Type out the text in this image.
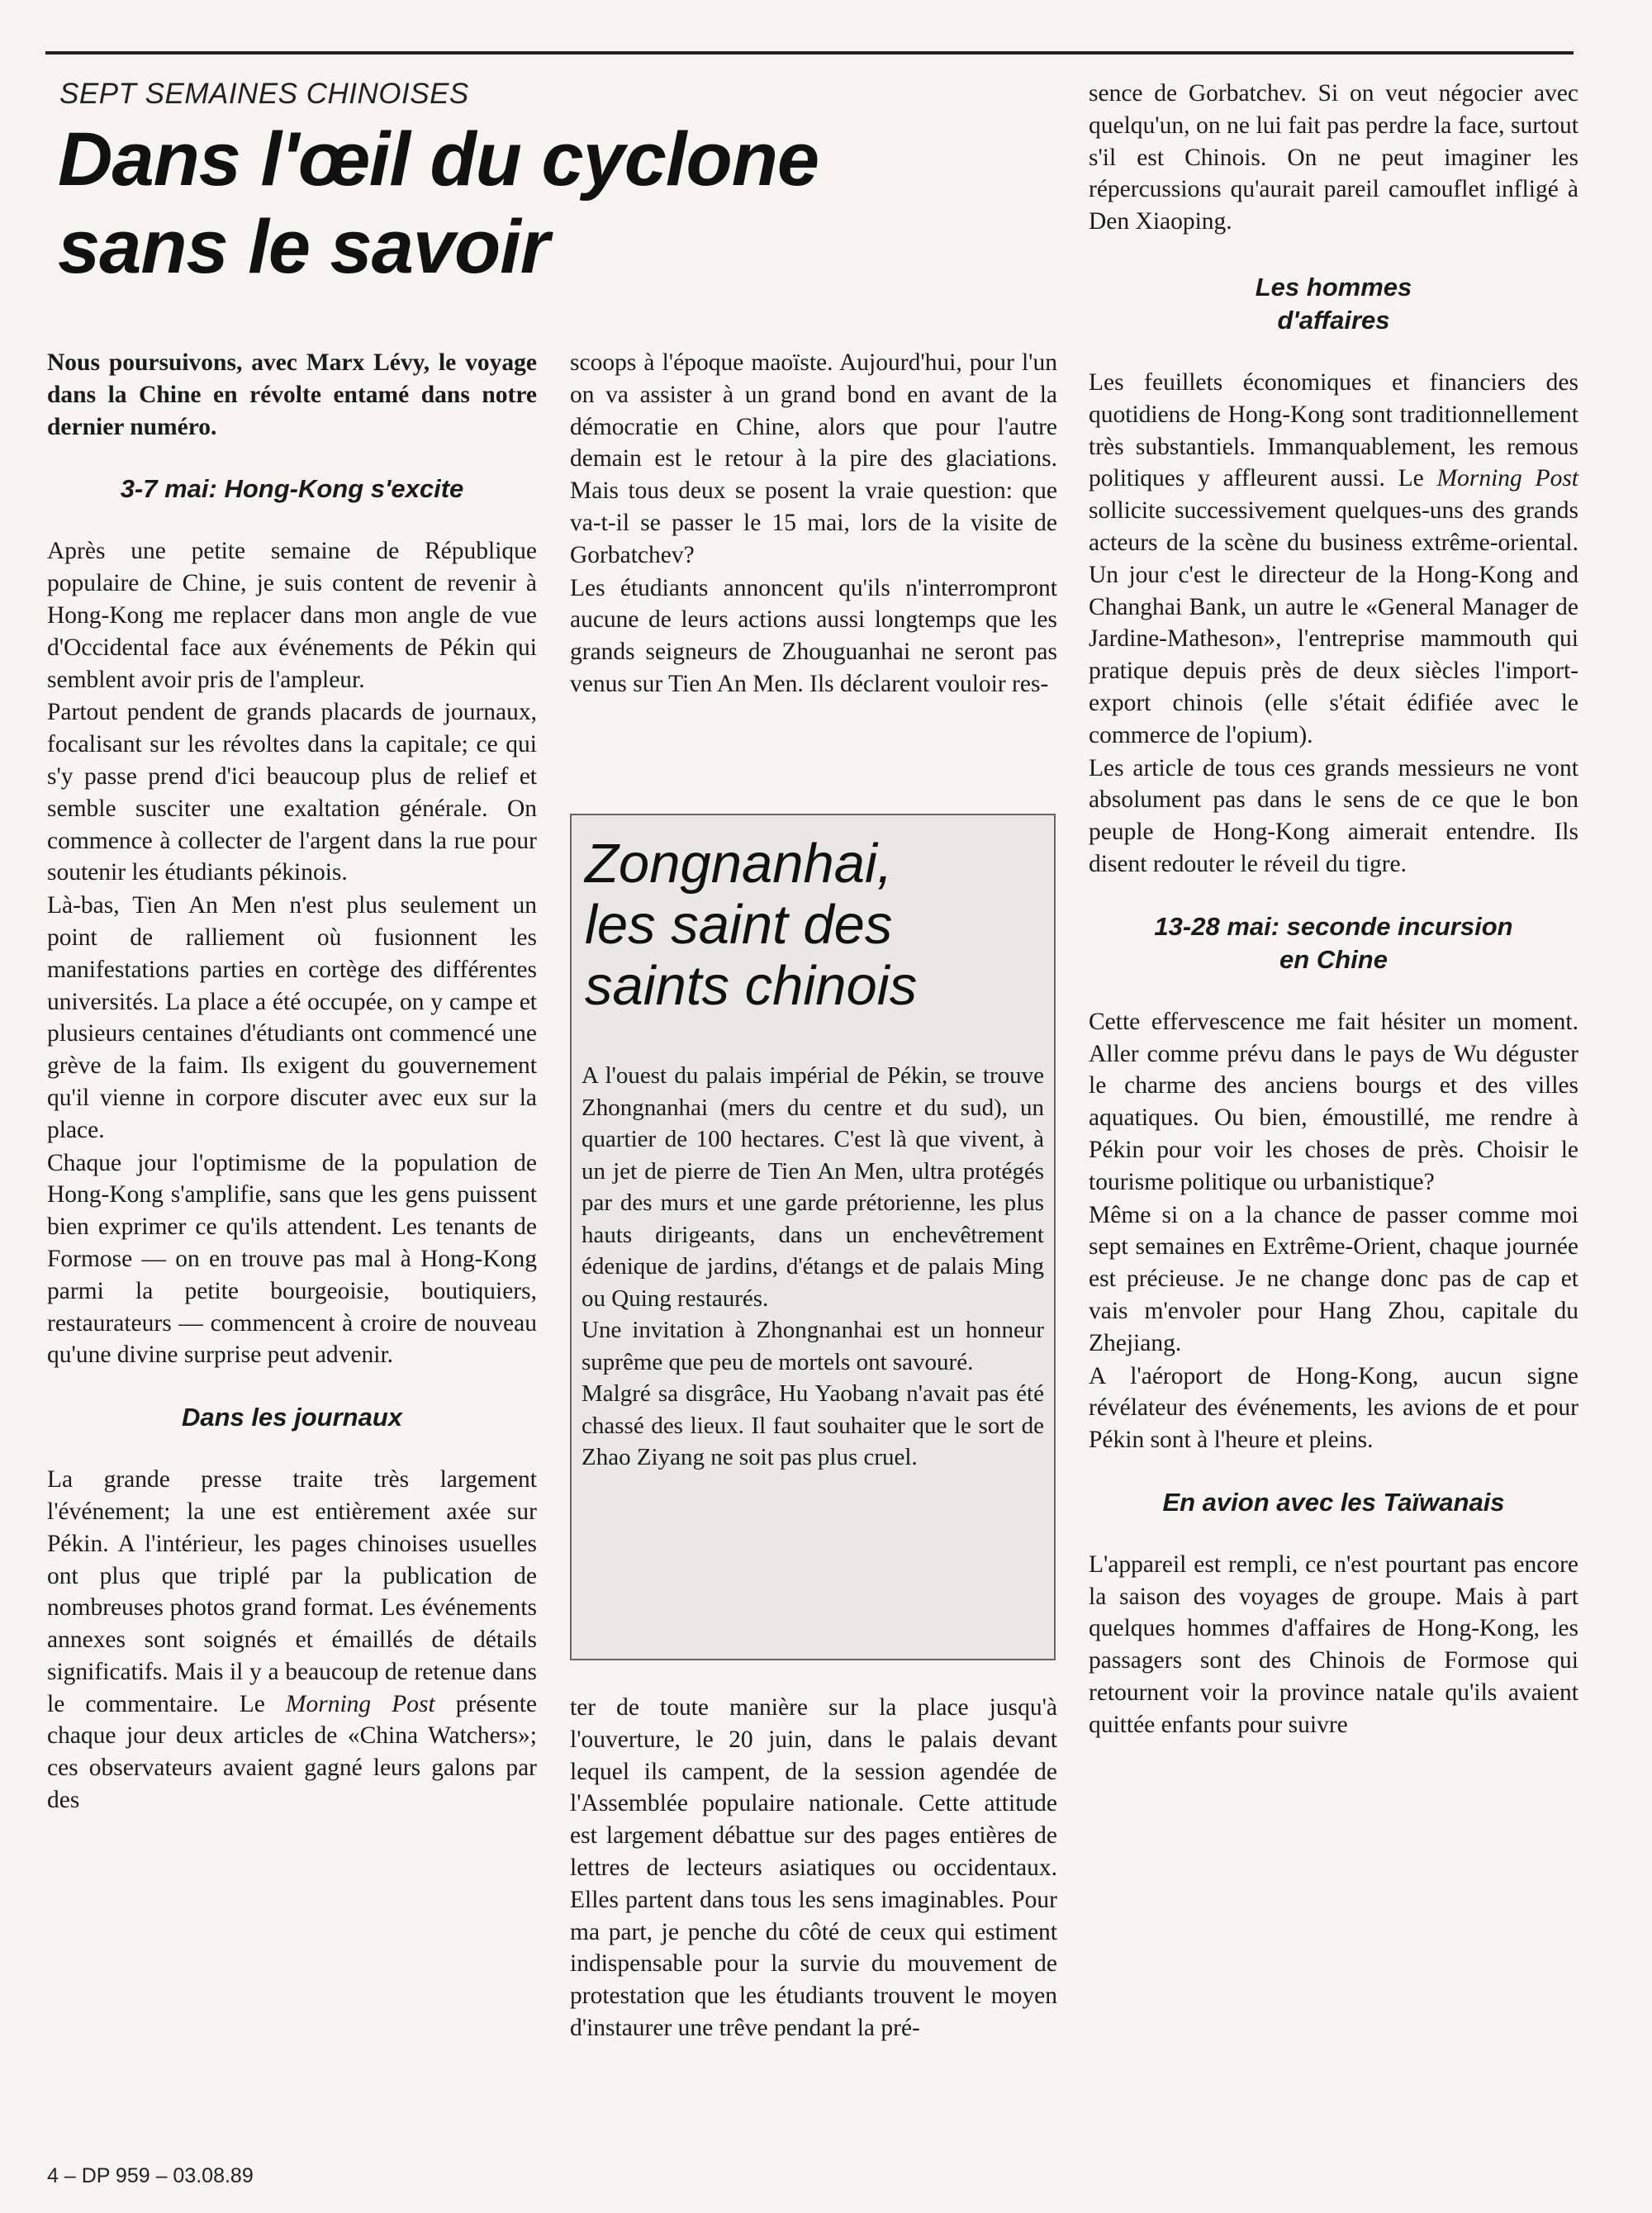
SEPT SEMAINES CHINOISES
Dans l'œil du cyclone
sans le savoir

Nous poursuivons, avec Marx Lévy, le voyage dans la Chine en révolte entamé dans notre dernier numéro.

3-7 mai: Hong-Kong s'excite

Après une petite semaine de République populaire de Chine, je suis content de revenir à Hong-Kong me replacer dans mon angle de vue d'Occidental face aux événements de Pékin qui semblent avoir pris de l'ampleur.

Partout pendent de grands placards de journaux, focalisant sur les révoltes dans la capitale; ce qui s'y passe prend d'ici beaucoup plus de relief et semble susciter une exaltation générale. On commence à collecter de l'argent dans la rue pour soutenir les étudiants pékinois.

Là-bas, Tien An Men n'est plus seulement un point de ralliement où fusionnent les manifestations parties en cortège des différentes universités. La place a été occupée, on y campe et plusieurs centaines d'étudiants ont commencé une grève de la faim. Ils exigent du gouvernement qu'il vienne in corpore discuter avec eux sur la place.

Chaque jour l'optimisme de la population de Hong-Kong s'amplifie, sans que les gens puissent bien exprimer ce qu'ils attendent. Les tenants de Formose — on en trouve pas mal à Hong-Kong parmi la petite bourgeoisie, boutiquiers, restaurateurs — commencent à croire de nouveau qu'une divine surprise peut advenir.

Dans les journaux

La grande presse traite très largement l'événement; la une est entièrement axée sur Pékin. A l'intérieur, les pages chinoises usuelles ont plus que triplé par la publication de nombreuses photos grand format. Les événements annexes sont soignés et émaillés de détails significatifs. Mais il y a beaucoup de retenue dans le commentaire. Le Morning Post présente chaque jour deux articles de «China Watchers»; ces observateurs avaient gagné leurs galons par des

scoops à l'époque maoïste. Aujourd'hui, pour l'un on va assister à un grand bond en avant de la démocratie en Chine, alors que pour l'autre demain est le retour à la pire des glaciations. Mais tous deux se posent la vraie question: que va-t-il se passer le 15 mai, lors de la visite de Gorbatchev?

Les étudiants annoncent qu'ils n'interrompront aucune de leurs actions aussi longtemps que les grands seigneurs de Zhouguanhai ne seront pas venus sur Tien An Men. Ils déclarent vouloir res-

Zongnanhai,
les saint des
saints chinois

A l'ouest du palais impérial de Pékin, se trouve Zhongnanhai (mers du centre et du sud), un quartier de 100 hectares. C'est là que vivent, à un jet de pierre de Tien An Men, ultra protégés par des murs et une garde prétorienne, les plus hauts dirigeants, dans un enchevêtrement édenique de jardins, d'étangs et de palais Ming ou Quing restaurés.

Une invitation à Zhongnanhai est un honneur suprême que peu de mortels ont savouré.

Malgré sa disgrâce, Hu Yaobang n'avait pas été chassé des lieux. Il faut souhaiter que le sort de Zhao Ziyang ne soit pas plus cruel.

ter de toute manière sur la place jusqu'à l'ouverture, le 20 juin, dans le palais devant lequel ils campent, de la session agendée de l'Assemblée populaire nationale. Cette attitude est largement débattue sur des pages entières de lettres de lecteurs asiatiques ou occidentaux. Elles partent dans tous les sens imaginables. Pour ma part, je penche du côté de ceux qui estiment indispensable pour la survie du mouvement de protestation que les étudiants trouvent le moyen d'instaurer une trêve pendant la pré-

sence de Gorbatchev. Si on veut négocier avec quelqu'un, on ne lui fait pas perdre la face, surtout s'il est Chinois. On ne peut imaginer les répercussions qu'aurait pareil camouflet infligé à Den Xiaoping.

Les hommes
d'affaires

Les feuillets économiques et financiers des quotidiens de Hong-Kong sont traditionnellement très substantiels. Immanquablement, les remous politiques y affleurent aussi. Le Morning Post sollicite successivement quelques-uns des grands acteurs de la scène du business extrême-oriental. Un jour c'est le directeur de la Hong-Kong and Changhai Bank, un autre le «General Manager de Jardine-Matheson», l'entreprise mammouth qui pratique depuis près de deux siècles l'import-export chinois (elle s'était édifiée avec le commerce de l'opium).

Les article de tous ces grands messieurs ne vont absolument pas dans le sens de ce que le bon peuple de Hong-Kong aimerait entendre. Ils disent redouter le réveil du tigre.

13-28 mai: seconde incursion
en Chine

Cette effervescence me fait hésiter un moment. Aller comme prévu dans le pays de Wu déguster le charme des anciens bourgs et des villes aquatiques. Ou bien, émoustillé, me rendre à Pékin pour voir les choses de près. Choisir le tourisme politique ou urbanistique?

Même si on a la chance de passer comme moi sept semaines en Extrême-Orient, chaque journée est précieuse. Je ne change donc pas de cap et vais m'envoler pour Hang Zhou, capitale du Zhejiang.

A l'aéroport de Hong-Kong, aucun signe révélateur des événements, les avions de et pour Pékin sont à l'heure et pleins.

En avion avec les Taïwanais

L'appareil est rempli, ce n'est pourtant pas encore la saison des voyages de groupe. Mais à part quelques hommes d'affaires de Hong-Kong, les passagers sont des Chinois de Formose qui retournent voir la province natale qu'ils avaient quittée enfants pour suivre

4 – DP 959 – 03.08.89
